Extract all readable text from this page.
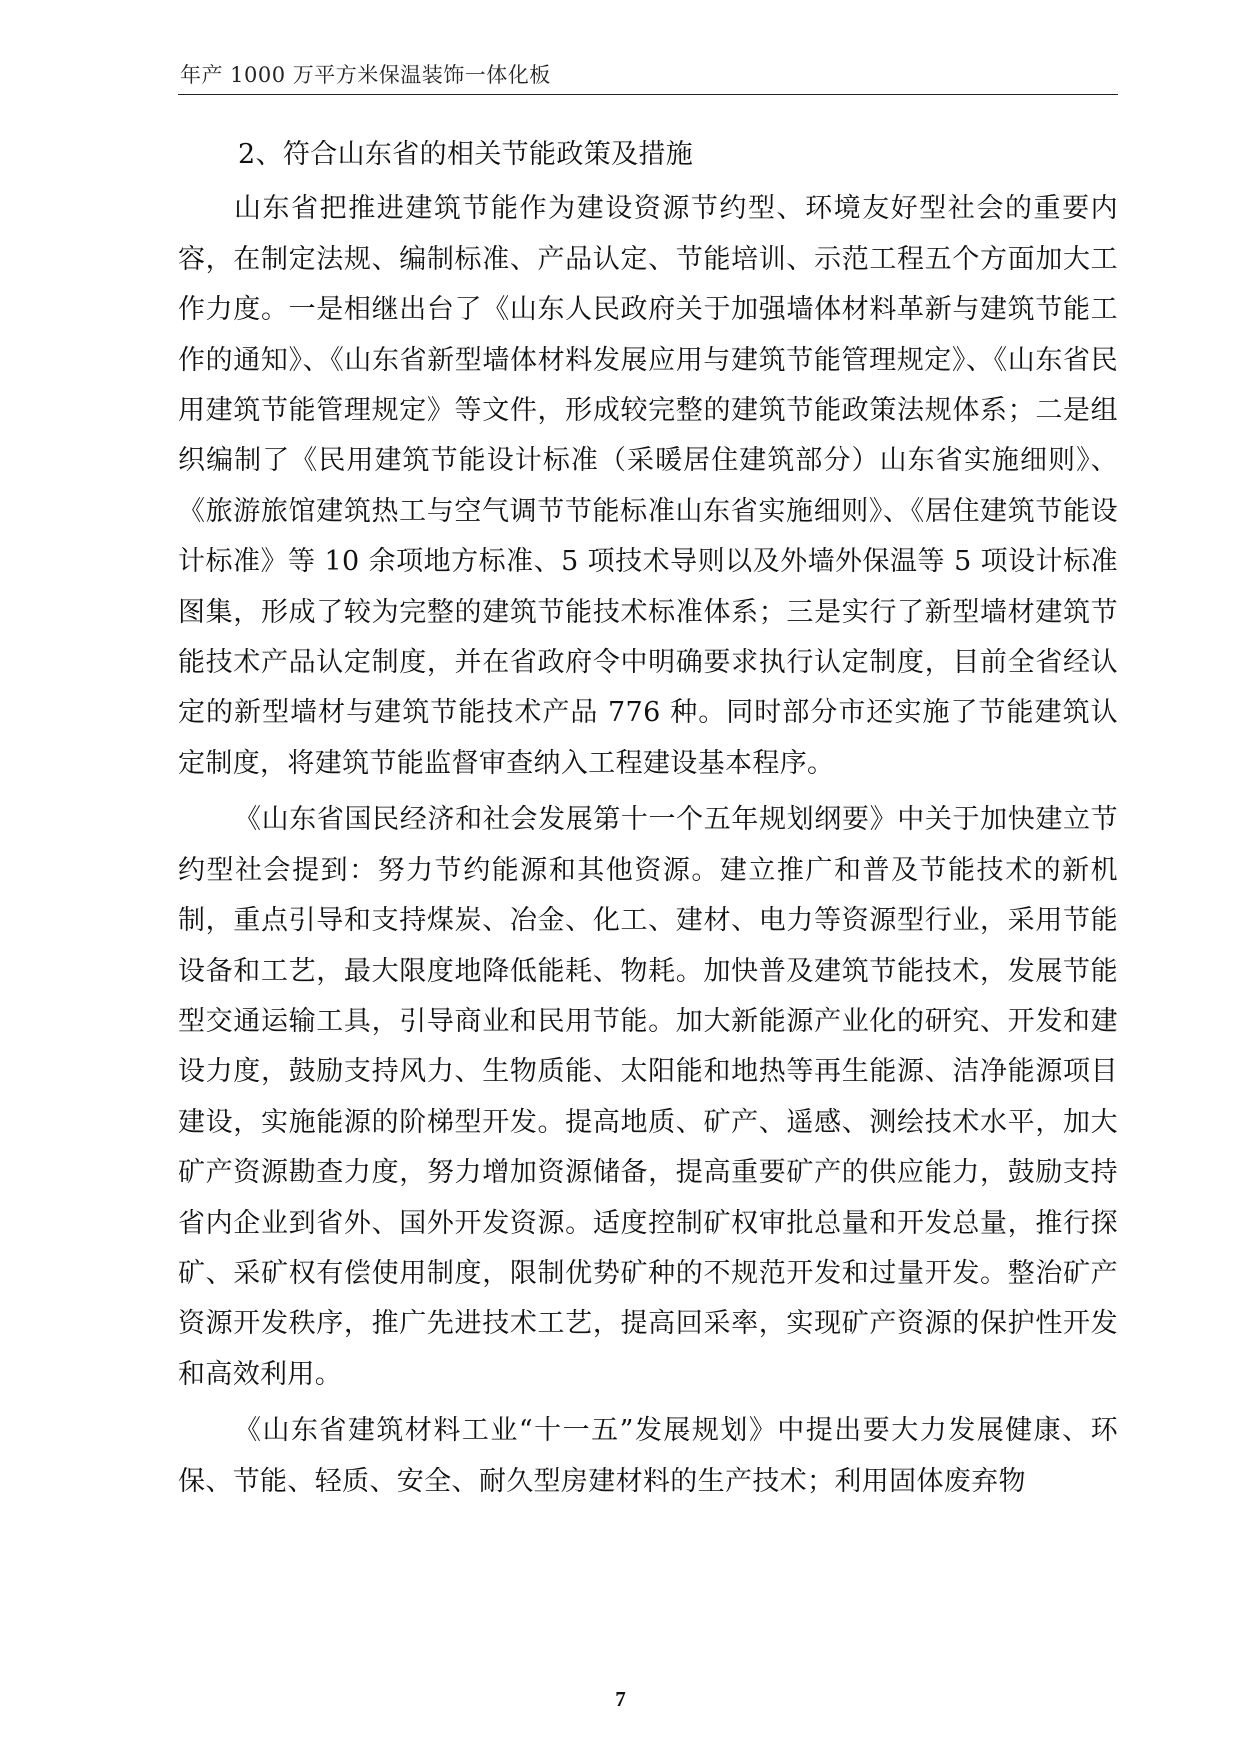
年产 1000 万平方米保温装饰一体化板

2、符合山东省的相关节能政策及措施

山东省把推进建筑节能作为建设资源节约型、环境友好型社会的重要内容，在制定法规、编制标准、产品认定、节能培训、示范工程五个方面加大工作力度。一是相继出台了《山东人民政府关于加强墙体材料革新与建筑节能工作的通知》、《山东省新型墙体材料发展应用与建筑节能管理规定》、《山东省民用建筑节能管理规定》等文件，形成较完整的建筑节能政策法规体系；二是组织编制了《民用建筑节能设计标准（采暖居住建筑部分）山东省实施细则》、《旅游旅馆建筑热工与空气调节节能标准山东省实施细则》、《居住建筑节能设计标准》等 10 余项地方标准、5 项技术导则以及外墙外保温等 5 项设计标准图集，形成了较为完整的建筑节能技术标准体系；三是实行了新型墙材建筑节能技术产品认定制度，并在省政府令中明确要求执行认定制度，目前全省经认定的新型墙材与建筑节能技术产品 776 种。同时部分市还实施了节能建筑认定制度，将建筑节能监督审查纳入工程建设基本程序。

《山东省国民经济和社会发展第十一个五年规划纲要》中关于加快建立节约型社会提到：努力节约能源和其他资源。建立推广和普及节能技术的新机制，重点引导和支持煤炭、冶金、化工、建材、电力等资源型行业，采用节能设备和工艺，最大限度地降低能耗、物耗。加快普及建筑节能技术，发展节能型交通运输工具，引导商业和民用节能。加大新能源产业化的研究、开发和建设力度，鼓励支持风力、生物质能、太阳能和地热等再生能源、洁净能源项目建设，实施能源的阶梯型开发。提高地质、矿产、遥感、测绘技术水平，加大矿产资源勘查力度，努力增加资源储备，提高重要矿产的供应能力，鼓励支持省内企业到省外、国外开发资源。适度控制矿权审批总量和开发总量，推行探矿、采矿权有偿使用制度，限制优势矿种的不规范开发和过量开发。整治矿产资源开发秩序，推广先进技术工艺，提高回采率，实现矿产资源的保护性开发和高效利用。

《山东省建筑材料工业“十一五”发展规划》中提出要大力发展健康、环保、节能、轻质、安全、耐久型房建材料的生产技术；利用固体废弃物

7
